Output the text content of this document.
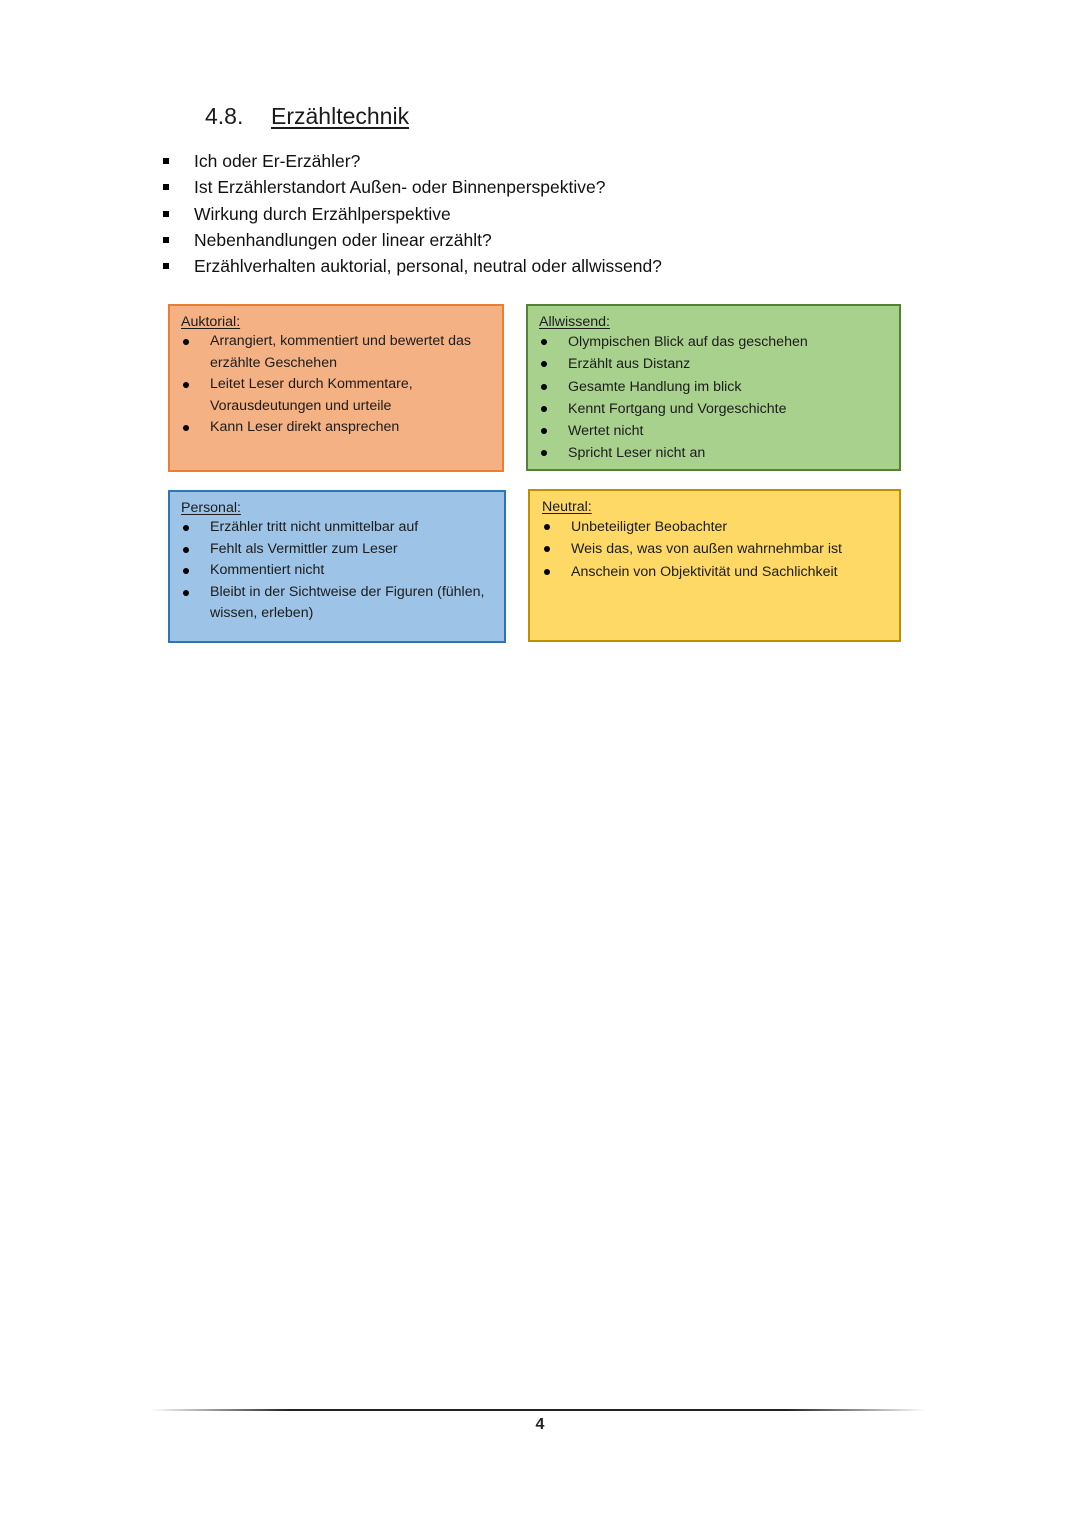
4.8. Erzähltechnik
Ich oder Er-Erzähler?
Ist Erzählerstandort Außen- oder Binnenperspektive?
Wirkung durch Erzählperspektive
Nebenhandlungen oder linear erzählt?
Erzählverhalten auktorial, personal, neutral oder allwissend?
Auktorial:
Arrangiert, kommentiert und bewertet das erzählte Geschehen
Leitet Leser durch Kommentare, Vorausdeutungen und urteile
Kann Leser direkt ansprechen
Allwissend:
Olympischen Blick auf das geschehen
Erzählt aus Distanz
Gesamte Handlung im blick
Kennt Fortgang und Vorgeschichte
Wertet nicht
Spricht Leser nicht an
Personal:
Erzähler tritt nicht unmittelbar auf
Fehlt als Vermittler zum Leser
Kommentiert nicht
Bleibt in der Sichtweise der Figuren (fühlen, wissen, erleben)
Neutral:
Unbeteiligter Beobachter
Weis das, was von außen wahrnehmbar ist
Anschein von Objektivität und Sachlichkeit
4
